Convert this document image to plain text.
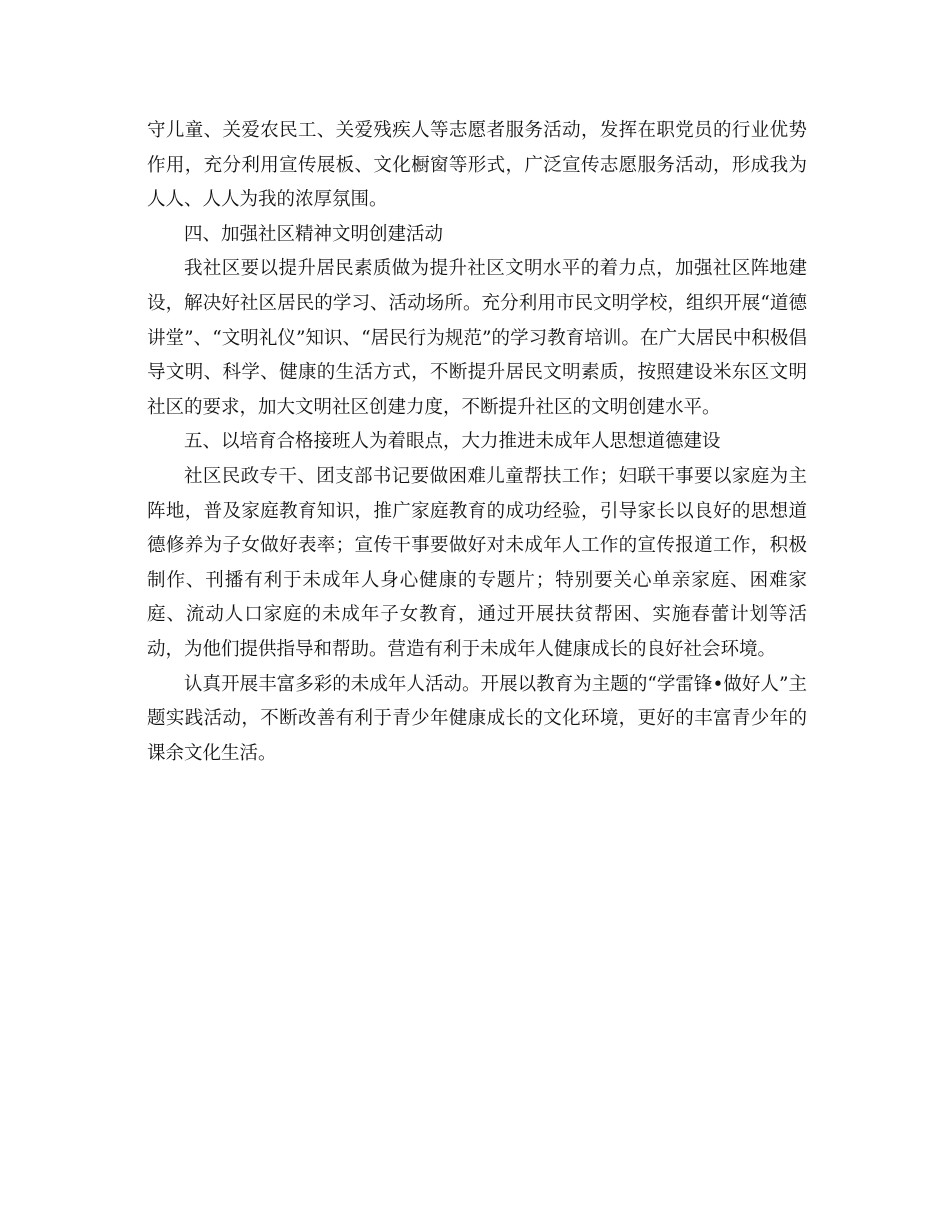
守儿童、关爱农民工、关爱残疾人等志愿者服务活动，发挥在职党员的行业优势作用，充分利用宣传展板、文化橱窗等形式，广泛宣传志愿服务活动，形成我为人人、人人为我的浓厚氛围。

四、加强社区精神文明创建活动

我社区要以提升居民素质做为提升社区文明水平的着力点，加强社区阵地建设，解决好社区居民的学习、活动场所。充分利用市民文明学校，组织开展“道德讲堂”、“文明礼仪”知识、“居民行为规范”的学习教育培训。在广大居民中积极倡导文明、科学、健康的生活方式，不断提升居民文明素质，按照建设米东区文明社区的要求，加大文明社区创建力度，不断提升社区的文明创建水平。

五、以培育合格接班人为着眼点，大力推进未成年人思想道德建设

社区民政专干、团支部书记要做困难儿童帮扶工作；妇联干事要以家庭为主阵地，普及家庭教育知识，推广家庭教育的成功经验，引导家长以良好的思想道德修养为子女做好表率；宣传干事要做好对未成年人工作的宣传报道工作，积极制作、刊播有利于未成年人身心健康的专题片；特别要关心单亲家庭、困难家庭、流动人口家庭的未成年子女教育，通过开展扶贫帮困、实施春蕾计划等活动，为他们提供指导和帮助。营造有利于未成年人健康成长的良好社会环境。

认真开展丰富多彩的未成年人活动。开展以教育为主题的“学雷锋•做好人”主题实践活动，不断改善有利于青少年健康成长的文化环境，更好的丰富青少年的课余文化生活。
